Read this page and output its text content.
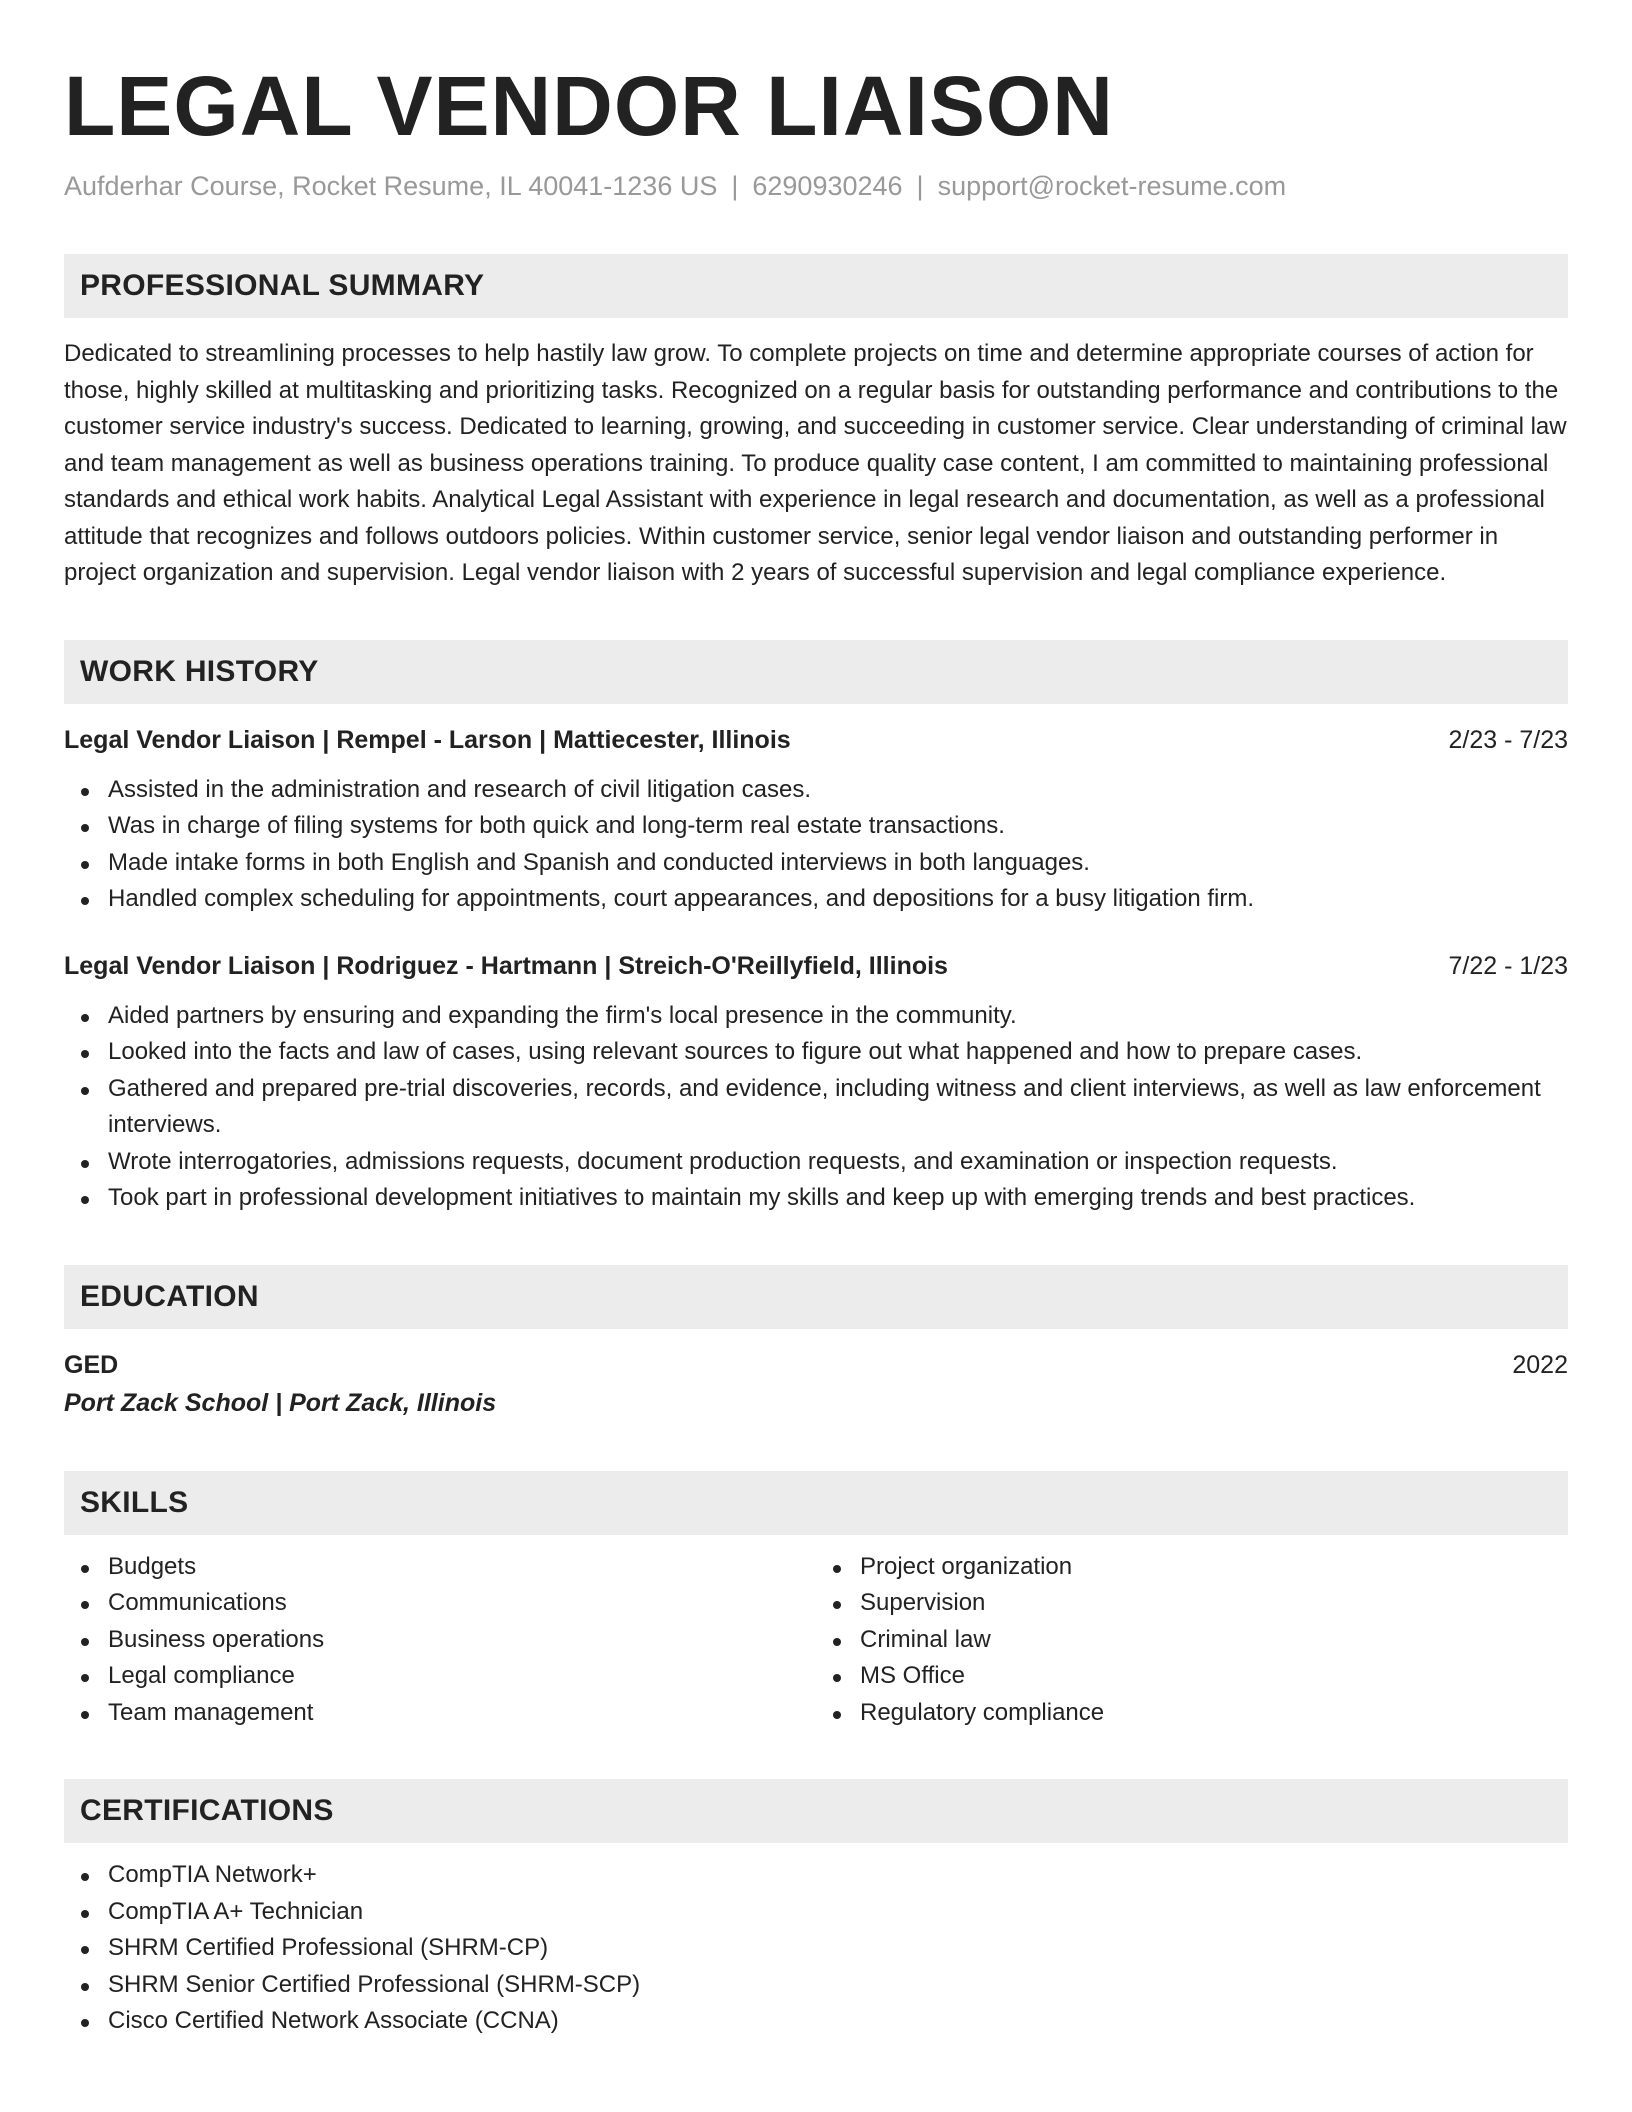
LEGAL VENDOR LIAISON
Aufderhar Course, Rocket Resume, IL 40041-1236 US | 6290930246 | support@rocket-resume.com
PROFESSIONAL SUMMARY
Dedicated to streamlining processes to help hastily law grow. To complete projects on time and determine appropriate courses of action for those, highly skilled at multitasking and prioritizing tasks. Recognized on a regular basis for outstanding performance and contributions to the customer service industry's success. Dedicated to learning, growing, and succeeding in customer service. Clear understanding of criminal law and team management as well as business operations training. To produce quality case content, I am committed to maintaining professional standards and ethical work habits. Analytical Legal Assistant with experience in legal research and documentation, as well as a professional attitude that recognizes and follows outdoors policies. Within customer service, senior legal vendor liaison and outstanding performer in project organization and supervision. Legal vendor liaison with 2 years of successful supervision and legal compliance experience.
WORK HISTORY
Legal Vendor Liaison | Rempel - Larson | Mattiecester, Illinois	2/23 - 7/23
Assisted in the administration and research of civil litigation cases.
Was in charge of filing systems for both quick and long-term real estate transactions.
Made intake forms in both English and Spanish and conducted interviews in both languages.
Handled complex scheduling for appointments, court appearances, and depositions for a busy litigation firm.
Legal Vendor Liaison | Rodriguez - Hartmann | Streich-O'Reillyfield, Illinois	7/22 - 1/23
Aided partners by ensuring and expanding the firm's local presence in the community.
Looked into the facts and law of cases, using relevant sources to figure out what happened and how to prepare cases.
Gathered and prepared pre-trial discoveries, records, and evidence, including witness and client interviews, as well as law enforcement interviews.
Wrote interrogatories, admissions requests, document production requests, and examination or inspection requests.
Took part in professional development initiatives to maintain my skills and keep up with emerging trends and best practices.
EDUCATION
GED	2022
Port Zack School | Port Zack, Illinois
SKILLS
Budgets
Communications
Business operations
Legal compliance
Team management
Project organization
Supervision
Criminal law
MS Office
Regulatory compliance
CERTIFICATIONS
CompTIA Network+
CompTIA A+ Technician
SHRM Certified Professional (SHRM-CP)
SHRM Senior Certified Professional (SHRM-SCP)
Cisco Certified Network Associate (CCNA)
